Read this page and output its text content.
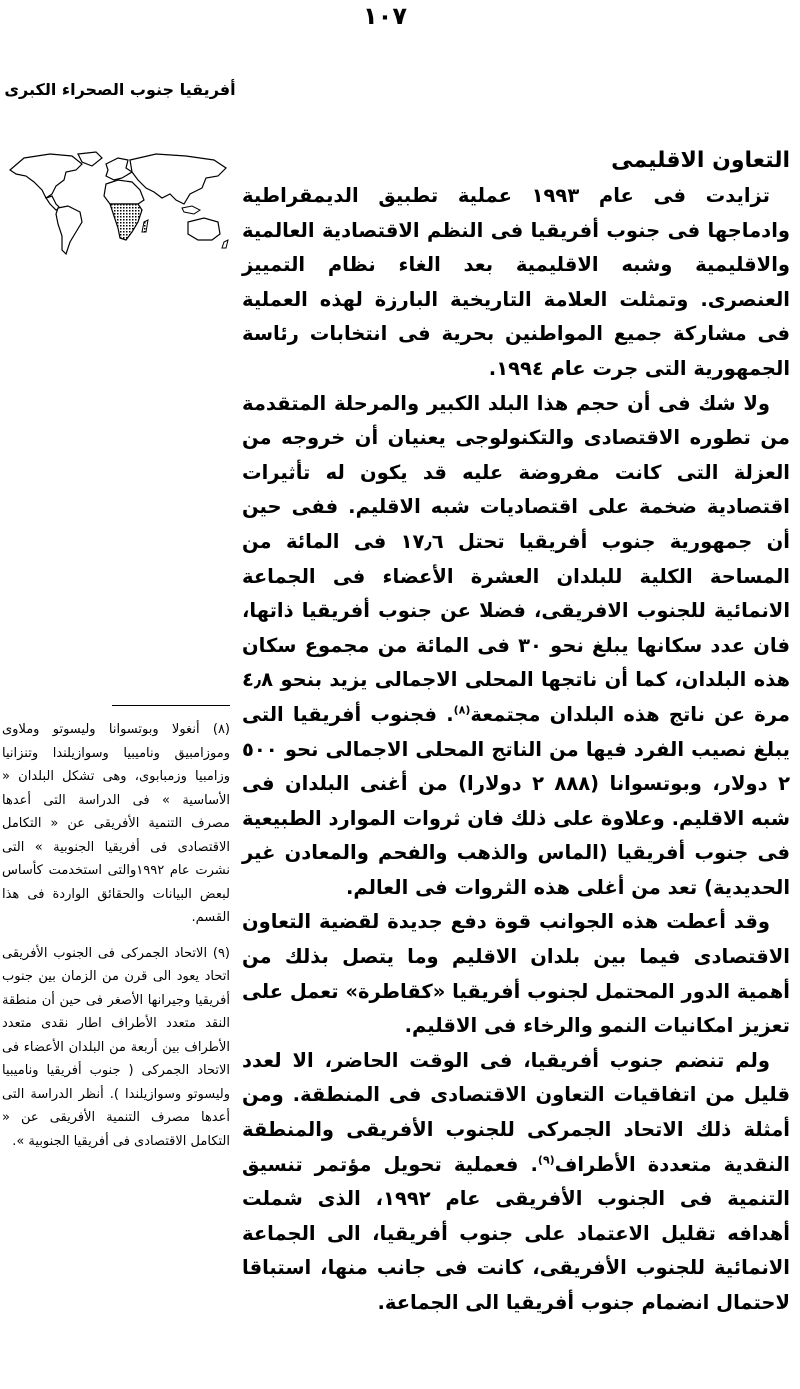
١٠٧
أفريقيا جنوب الصحراء الكبرى
التعاون الاقليمى

تزايدت فى عام ١٩٩٣ عملية تطبيق الديمقراطية وادماجها فى جنوب أفريقيا فى النظم الاقتصادية العالمية والاقليمية وشبه الاقليمية بعد الغاء نظام التمييز العنصرى. وتمثلت العلامة التاريخية البارزة لهذه العملية فى مشاركة جميع المواطنين بحرية فى انتخابات رئاسة الجمهورية التى جرت عام ١٩٩٤.

ولا شك فى أن حجم هذا البلد الكبير والمرحلة المتقدمة من تطوره الاقتصادى والتكنولوجى يعنيان أن خروجه من العزلة التى كانت مفروضة عليه قد يكون له تأثيرات اقتصادية ضخمة على اقتصاديات شبه الاقليم. ففى حين أن جمهورية جنوب أفريقيا تحتل ١٧٫٦ فى المائة من المساحة الكلية للبلدان العشرة الأعضاء فى الجماعة الانمائية للجنوب الافريقى، فضلا عن جنوب أفريقيا ذاتها، فان عدد سكانها يبلغ نحو ٣٠ فى المائة من مجموع سكان هذه البلدان، كما أن ناتجها المحلى الاجمالى يزيد بنحو ٤٫٨ مرة عن ناتج هذه البلدان مجتمعة$^{(٨)}$. فجنوب أفريقيا التى يبلغ نصيب الفرد فيها من الناتج المحلى الاجمالى نحو ٥٠٠ ٢ دولار، وبوتسوانا (٨٨٨ ٢ دولارا) من أغنى البلدان فى شبه الاقليم. وعلاوة على ذلك فان ثروات الموارد الطبيعية فى جنوب أفريقيا (الماس والذهب والفحم والمعادن غير الحديدية) تعد من أغلى هذه الثروات فى العالم.

وقد أعطت هذه الجوانب قوة دفع جديدة لقضية التعاون الاقتصادى فيما بين بلدان الاقليم وما يتصل بذلك من أهمية الدور المحتمل لجنوب أفريقيا «كقاطرة» تعمل على تعزيز امكانيات النمو والرخاء فى الاقليم.

ولم تنضم جنوب أفريقيا، فى الوقت الحاضر، الا لعدد قليل من اتفاقيات التعاون الاقتصادى فى المنطقة. ومن أمثلة ذلك الاتحاد الجمركى للجنوب الأفريقى والمنطقة النقدية متعددة الأطراف$^{(٩)}$. فعملية تحويل مؤتمر تنسيق التنمية فى الجنوب الأفريقى عام ١٩٩٢، الذى شملت أهدافه تقليل الاعتماد على جنوب أفريقيا، الى الجماعة الانمائية للجنوب الأفريقى، كانت فى جانب منها، استباقا لاحتمال انضمام جنوب أفريقيا الى الجماعة.

(٨) أنغولا وبوتسوانا وليسوتو وملاوى وموزامبيق وناميبيا وسوازيلندا وتنزانيا وزامبيا وزمبابوى، وهى تشكل البلدان « الأساسية » فى الدراسة التى أعدها مصرف التنمية الأفريقى عن « التكامل الاقتصادى فى أفريقيا الجنوبية » التى نشرت عام ١٩٩٢والتى استخدمت كأساس لبعض البيانات والحقائق الواردة فى هذا القسم.

(٩) الاتحاد الجمركى فى الجنوب الأفريقى اتحاد يعود الى قرن من الزمان بين جنوب أفريقيا وجيرانها الأصغر فى حين أن منطقة النقد متعدد الأطراف اطار نقدى متعدد الأطراف بين أربعة من البلدان الأعضاء فى الاتحاد الجمركى ( جنوب أفريقيا وناميبيا وليسوتو وسوازيلندا ). أنظر الدراسة التى أعدها مصرف التنمية الأفريقى عن « التكامل الاقتصادى فى أفريقيا الجنوبية ».
